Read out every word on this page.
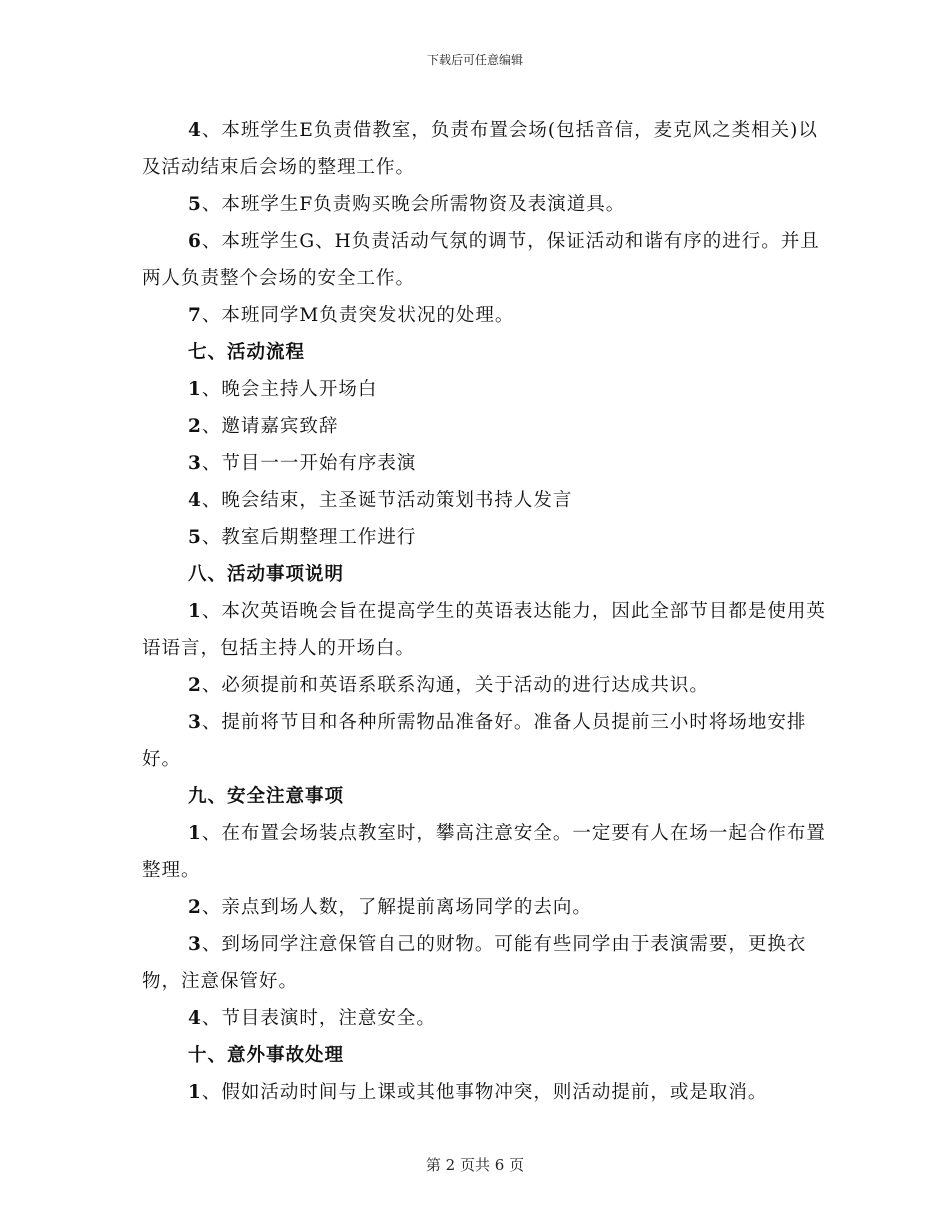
下载后可任意编辑

4、本班学生E负责借教室，负责布置会场(包括音信，麦克风之类相关)以及活动结束后会场的整理工作。

5、本班学生F负责购买晚会所需物资及表演道具。

6、本班学生G、H负责活动气氛的调节，保证活动和谐有序的进行。并且两人负责整个会场的安全工作。

7、本班同学M负责突发状况的处理。

七、活动流程

1、晚会主持人开场白

2、邀请嘉宾致辞

3、节目一一开始有序表演

4、晚会结束，主圣诞节活动策划书持人发言

5、教室后期整理工作进行

八、活动事项说明

1、本次英语晚会旨在提高学生的英语表达能力，因此全部节目都是使用英语语言，包括主持人的开场白。

2、必须提前和英语系联系沟通，关于活动的进行达成共识。

3、提前将节目和各种所需物品准备好。准备人员提前三小时将场地安排好。

九、安全注意事项

1、在布置会场装点教室时，攀高注意安全。一定要有人在场一起合作布置整理。

2、亲点到场人数，了解提前离场同学的去向。

3、到场同学注意保管自己的财物。可能有些同学由于表演需要，更换衣物，注意保管好。

4、节目表演时，注意安全。

十、意外事故处理

1、假如活动时间与上课或其他事物冲突，则活动提前，或是取消。

第 2 页共 6 页
